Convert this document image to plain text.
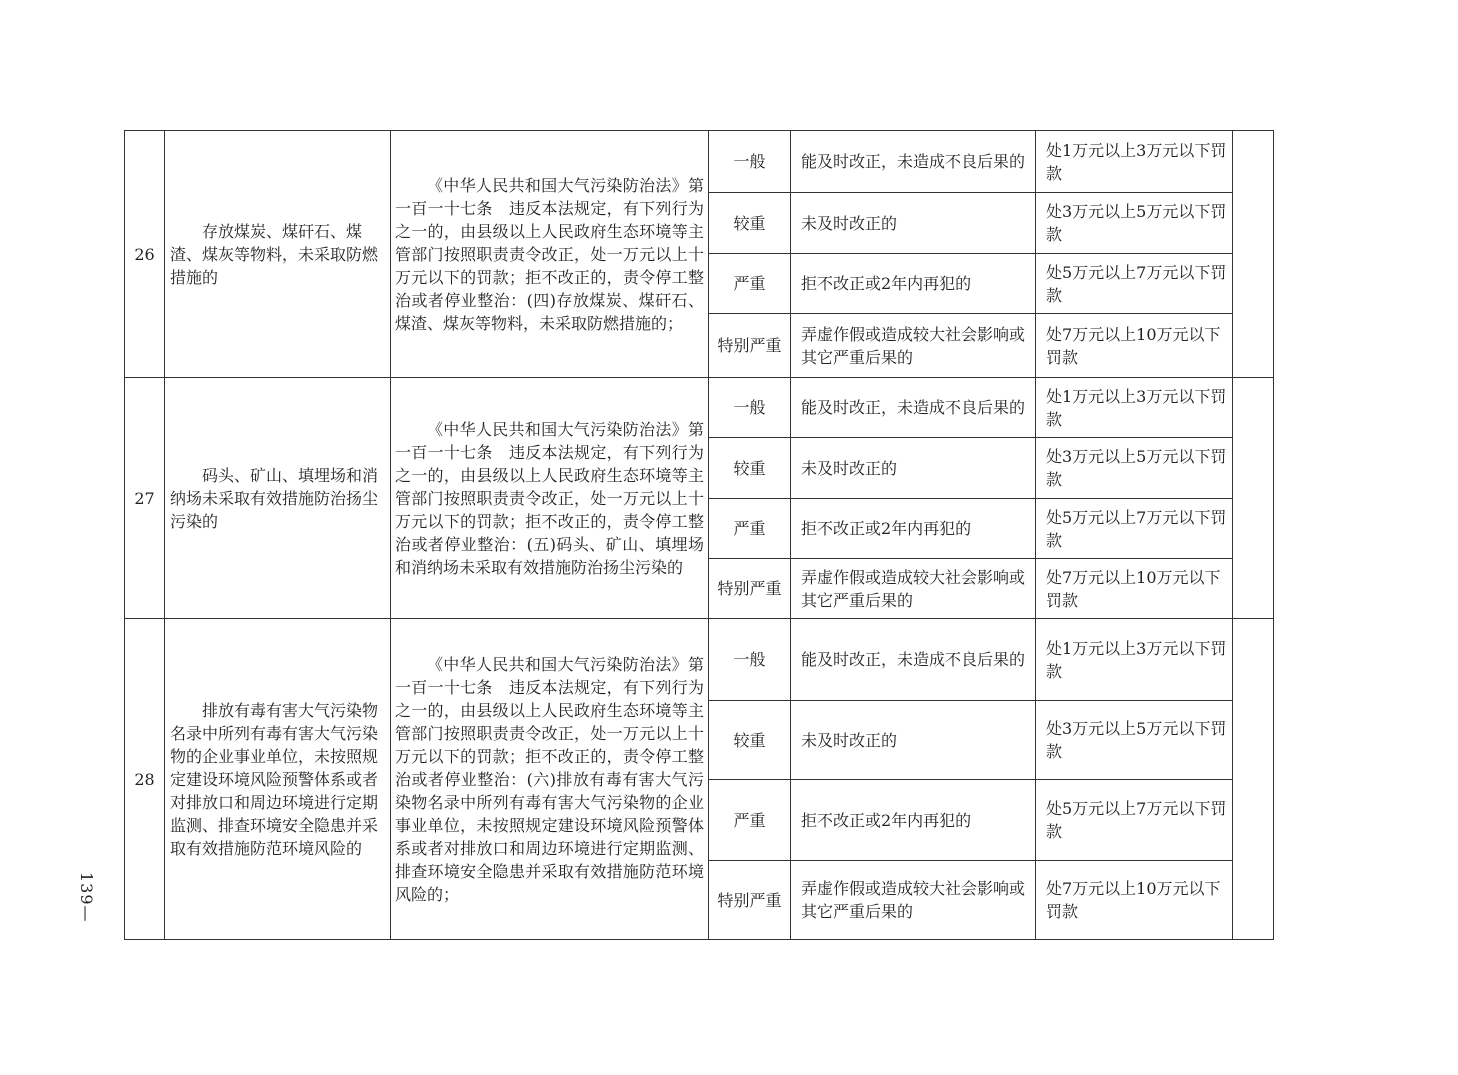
26	存放煤炭、煤矸石、煤渣、煤灰等物料，未采取防燃措施的	《中华人民共和国大气污染防治法》第一百一十七条　违反本法规定，有下列行为之一的，由县级以上人民政府生态环境等主管部门按照职责责令改正，处一万元以上十万元以下的罚款；拒不改正的，责令停工整治或者停业整治：(四)存放煤炭、煤矸石、煤渣、煤灰等物料，未采取防燃措施的；	一般	能及时改正，未造成不良后果的	处1万元以上3万元以下罚款	
			较重	未及时改正的	处3万元以上5万元以下罚款	
			严重	拒不改正或2年内再犯的	处5万元以上7万元以下罚款	
			特别严重	弄虚作假或造成较大社会影响或其它严重后果的	处7万元以上10万元以下罚款	
27	码头、矿山、填埋场和消纳场未采取有效措施防治扬尘污染的	《中华人民共和国大气污染防治法》第一百一十七条　违反本法规定，有下列行为之一的，由县级以上人民政府生态环境等主管部门按照职责责令改正，处一万元以上十万元以下的罚款；拒不改正的，责令停工整治或者停业整治：(五)码头、矿山、填埋场和消纳场未采取有效措施防治扬尘污染的	一般	能及时改正，未造成不良后果的	处1万元以上3万元以下罚款	
			较重	未及时改正的	处3万元以上5万元以下罚款	
			严重	拒不改正或2年内再犯的	处5万元以上7万元以下罚款	
			特别严重	弄虚作假或造成较大社会影响或其它严重后果的	处7万元以上10万元以下罚款	
28	排放有毒有害大气污染物名录中所列有毒有害大气污染物的企业事业单位，未按照规定建设环境风险预警体系或者对排放口和周边环境进行定期监测、排查环境安全隐患并采取有效措施防范环境风险的	《中华人民共和国大气污染防治法》第一百一十七条　违反本法规定，有下列行为之一的，由县级以上人民政府生态环境等主管部门按照职责责令改正，处一万元以上十万元以下的罚款；拒不改正的，责令停工整治或者停业整治：(六)排放有毒有害大气污染物名录中所列有毒有害大气污染物的企业事业单位，未按照规定建设环境风险预警体系或者对排放口和周边环境进行定期监测、排查环境安全隐患并采取有效措施防范环境风险的；	一般	能及时改正，未造成不良后果的	处1万元以上3万元以下罚款	
			较重	未及时改正的	处3万元以上5万元以下罚款	
			严重	拒不改正或2年内再犯的	处5万元以上7万元以下罚款	
			特别严重	弄虚作假或造成较大社会影响或其它严重后果的	处7万元以上10万元以下罚款	
139—
